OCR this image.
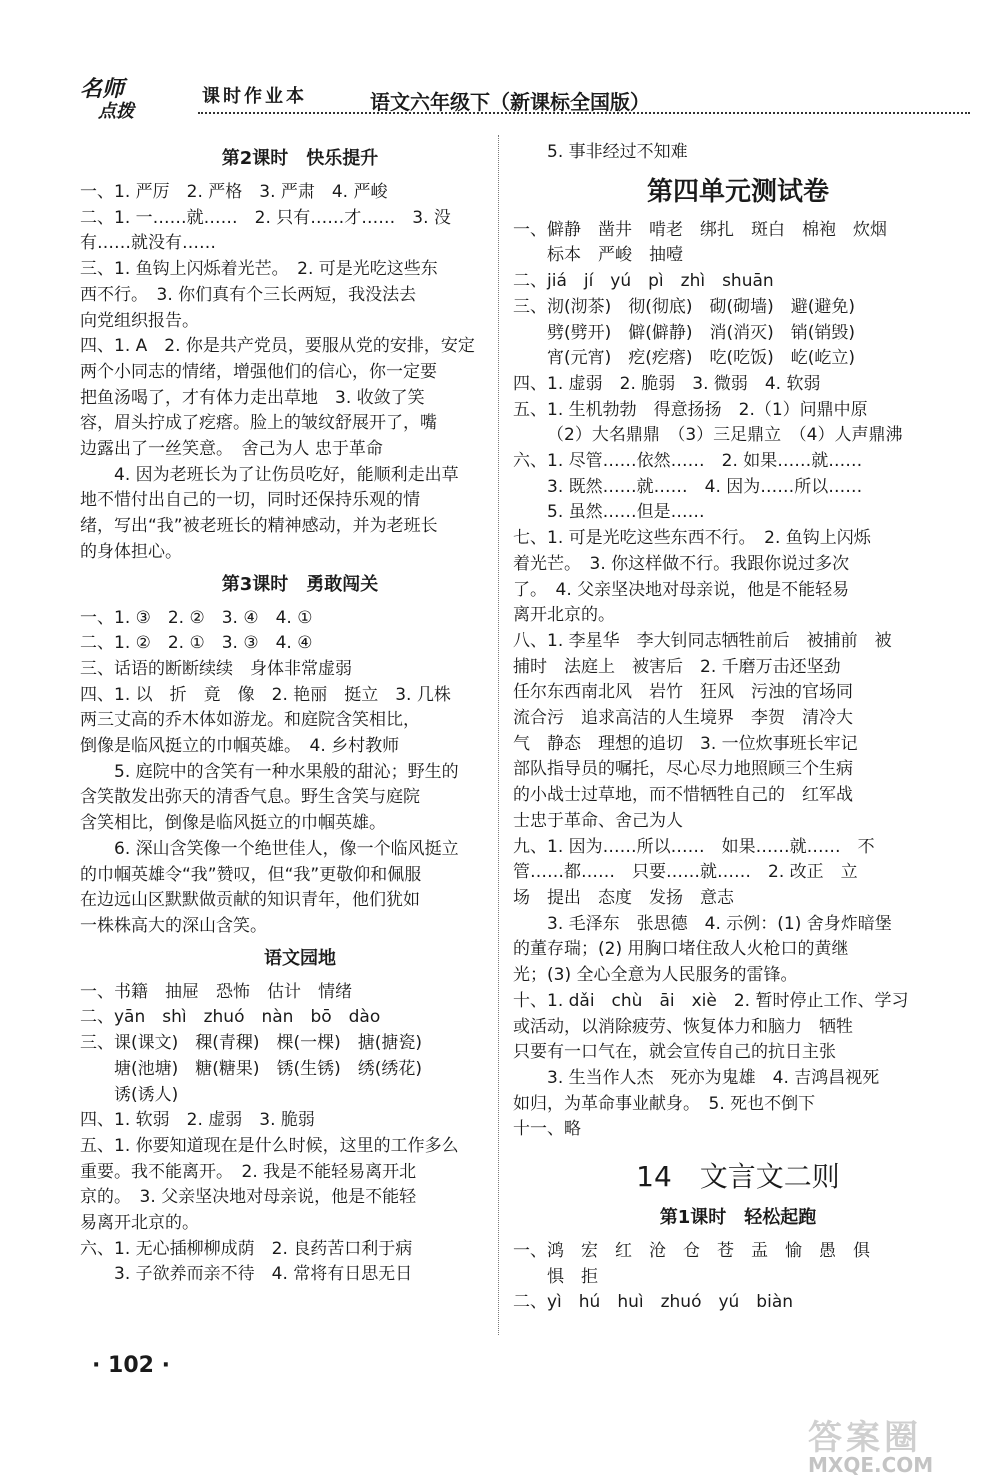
名师
点拨
课时作业本	语文六年级下（新课标全国版）
第2课时　快乐提升
一、1. 严厉　2. 严格　3. 严肃　4. 严峻
二、1. 一……就……　2. 只有……才……　3. 没
有……就没有……
三、1. 鱼钩上闪烁着光芒。　2. 可是光吃这些东
西不行。　3. 你们真有个三长两短，我没法去
向党组织报告。
四、1. A　2. 你是共产党员，要服从党的安排，安定
两个小同志的情绪，增强他们的信心，你一定要
把鱼汤喝了，才有体力走出草地　3. 收敛了笑
容，眉头拧成了疙瘩。脸上的皱纹舒展开了，嘴
边露出了一丝笑意。　舍己为人 忠于革命
4. 因为老班长为了让伤员吃好，能顺利走出草
地不惜付出自己的一切，同时还保持乐观的情
绪，写出“我”被老班长的精神感动，并为老班长
的身体担心。
第3课时　勇敢闯关
一、1. ③　2. ②　3. ④　4. ①
二、1. ②　2. ①　3. ③　4. ④
三、话语的断断续续　身体非常虚弱
四、1. 以　折　竟　像　2. 艳丽　挺立　3. 几株
两三丈高的乔木体如游龙。和庭院含笑相比，
倒像是临风挺立的巾帼英雄。　4. 乡村教师
5. 庭院中的含笑有一种水果般的甜沁；野生的
含笑散发出弥天的清香气息。野生含笑与庭院
含笑相比，倒像是临风挺立的巾帼英雄。
6. 深山含笑像一个绝世佳人，像一个临风挺立
的巾帼英雄令“我”赞叹，但“我”更敬仰和佩服
在边远山区默默做贡献的知识青年，他们犹如
一株株高大的深山含笑。
语文园地
一、书籍　抽屉　恐怖　估计　情绪
二、yān　shì　zhuó　nàn　bō　dào
三、课(课文)　稞(青稞)　棵(一棵)　搪(搪瓷)
塘(池塘)　糖(糖果)　锈(生锈)　绣(绣花)
诱(诱人)
四、1. 软弱　2. 虚弱　3. 脆弱
五、1. 你要知道现在是什么时候，这里的工作多么
重要。我不能离开。　2. 我是不能轻易离开北
京的。　3. 父亲坚决地对母亲说，他是不能轻
易离开北京的。
六、1. 无心插柳柳成荫　2. 良药苦口利于病
3. 子欲养而亲不待　4. 常将有日思无日
5. 事非经过不知难
第四单元测试卷
一、僻静　凿井　啃老　绑扎　斑白　棉袍　炊烟
标本　严峻　抽噎
二、jiá　jí　yú　pì　zhì　shuān
三、沏(沏茶)　彻(彻底)　砌(砌墙)　避(避免)
劈(劈开)　僻(僻静)　消(消灭)　销(销毁)
宵(元宵)　疙(疙瘩)　吃(吃饭)　屹(屹立)
四、1. 虚弱　2. 脆弱　3. 微弱　4. 软弱
五、1. 生机勃勃　得意扬扬　2.（1）问鼎中原
（2）大名鼎鼎　（3）三足鼎立　（4）人声鼎沸
六、1. 尽管……依然……　2. 如果……就……
3. 既然……就……　4. 因为……所以……
5. 虽然……但是……
七、1. 可是光吃这些东西不行。　2. 鱼钩上闪烁
着光芒。　3. 你这样做不行。我跟你说过多次
了。　4. 父亲坚决地对母亲说，他是不能轻易
离开北京的。
八、1. 李星华　李大钊同志牺牲前后　被捕前　被
捕时　法庭上　被害后　2. 千磨万击还坚劲
任尔东西南北风　岩竹　狂风　污浊的官场同
流合污　追求高洁的人生境界　李贺　清冷大
气　静态　理想的追切　3. 一位炊事班长牢记
部队指导员的嘱托，尽心尽力地照顾三个生病
的小战士过草地，而不惜牺牲自己的　红军战
士忠于革命、舍己为人
九、1. 因为……所以……　如果……就……　不
管……都……　只要……就……　2. 改正　立
场　提出　态度　发扬　意志
3. 毛泽东　张思德　4. 示例：(1) 舍身炸暗堡
的董存瑞；(2) 用胸口堵住敌人火枪口的黄继
光；(3) 全心全意为人民服务的雷锋。
十、1. dǎi　chù　āi　xiè　2. 暂时停止工作、学习
或活动，以消除疲劳、恢复体力和脑力　牺牲
只要有一口气在，就会宣传自己的抗日主张
3. 生当作人杰　死亦为鬼雄　4. 吉鸿昌视死
如归，为革命事业献身。　5. 死也不倒下
十一、略
14　文言文二则
第1课时　轻松起跑
一、鸿　宏　红　沧　仓　苍　盂　愉　愚　俱
惧　拒
二、yì　hú　huì　zhuó　yú　biàn
· 102 ·
答案圈
MXQE.COM
